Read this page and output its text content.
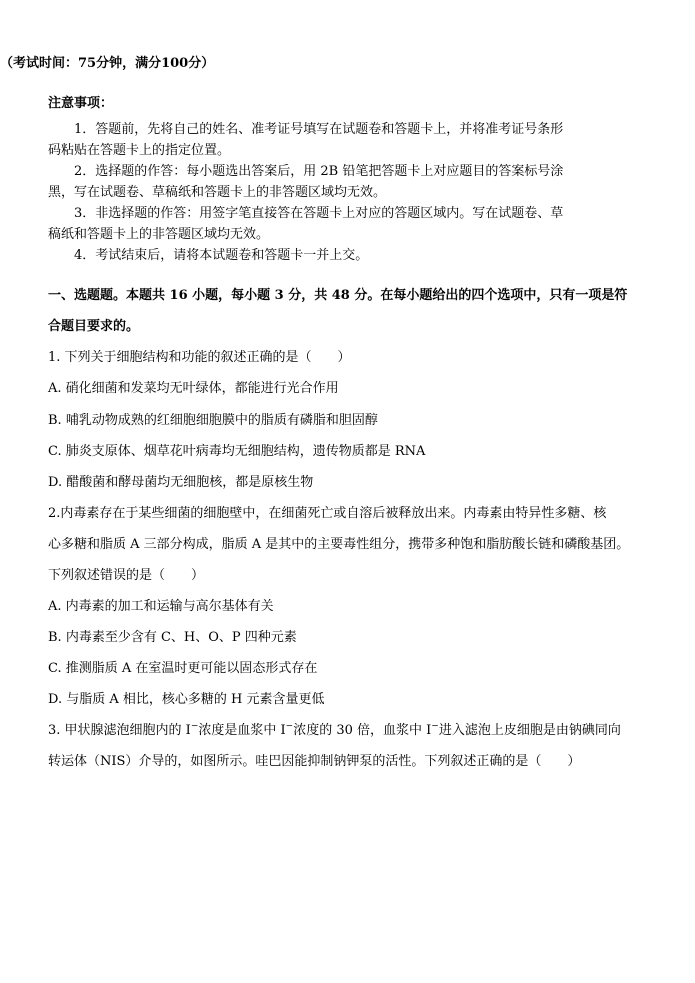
（考试时间：75分钟，满分100分）
注意事项：
1．答题前，先将自己的姓名、准考证号填写在试题卷和答题卡上，并将准考证号条形
码粘贴在答题卡上的指定位置。
2．选择题的作答：每小题选出答案后，用 2B 铅笔把答题卡上对应题目的答案标号涂
黑，写在试题卷、草稿纸和答题卡上的非答题区域均无效。
3．非选择题的作答：用签字笔直接答在答题卡上对应的答题区域内。写在试题卷、草
稿纸和答题卡上的非答题区域均无效。
4．考试结束后，请将本试题卷和答题卡一并上交。
一、选题题。本题共 16 小题，每小题 3 分，共 48 分。在每小题给出的四个选项中，只有一项是符
合题目要求的。
1. 下列关于细胞结构和功能的叙述正确的是（　　）
A. 硝化细菌和发菜均无叶绿体，都能进行光合作用
B. 哺乳动物成熟的红细胞细胞膜中的脂质有磷脂和胆固醇
C. 肺炎支原体、烟草花叶病毒均无细胞结构，遗传物质都是 RNA
D. 醋酸菌和酵母菌均无细胞核，都是原核生物
2.内毒素存在于某些细菌的细胞壁中，在细菌死亡或自溶后被释放出来。内毒素由特异性多糖、核
心多糖和脂质 A 三部分构成，脂质 A 是其中的主要毒性组分，携带多种饱和脂肪酸长链和磷酸基团。
下列叙述错误的是（　　）
A. 内毒素的加工和运输与高尔基体有关
B. 内毒素至少含有 C、H、O、P 四种元素
C. 推测脂质 A 在室温时更可能以固态形式存在
D. 与脂质 A 相比，核心多糖的 H 元素含量更低
3. 甲状腺滤泡细胞内的 I−浓度是血浆中 I−浓度的 30 倍，血浆中 I−进入滤泡上皮细胞是由钠碘同向
转运体（NIS）介导的，如图所示。哇巴因能抑制钠钾泵的活性。下列叙述正确的是（　　）
